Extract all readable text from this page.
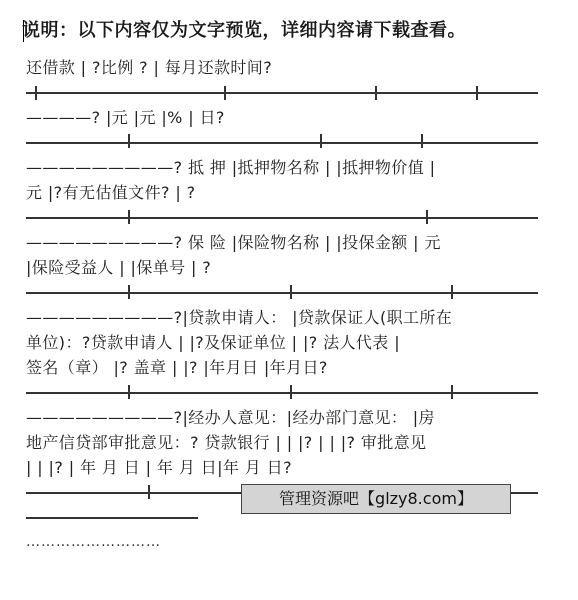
说明：以下内容仅为文字预览，详细内容请下载查看。
还借款 | ?比例 ? | 每月还款时间?
————? |元 |元 |% | 日?
—————————? 抵 押 |抵押物名称 | |抵押物价值 |
元 |?有无估值文件? | ?
—————————? 保 险 |保险物名称 | |投保金额 | 元
|保险受益人 | |保单号 | ?
—————————?|贷款申请人： |贷款保证人(职工所在
单位)：?贷款申请人 | |?及保证单位 | |? 法人代表 |
签名（章） |? 盖章 | |? |年月日 |年月日?
—————————?|经办人意见：|经办部门意见： |房
地产信贷部审批意见：? 贷款银行 | | |? | | |? 审批意见
| | |? | 年 月 日 | 年 月 日|年 月 日?
管理资源吧【glzy8.com】
………………………
